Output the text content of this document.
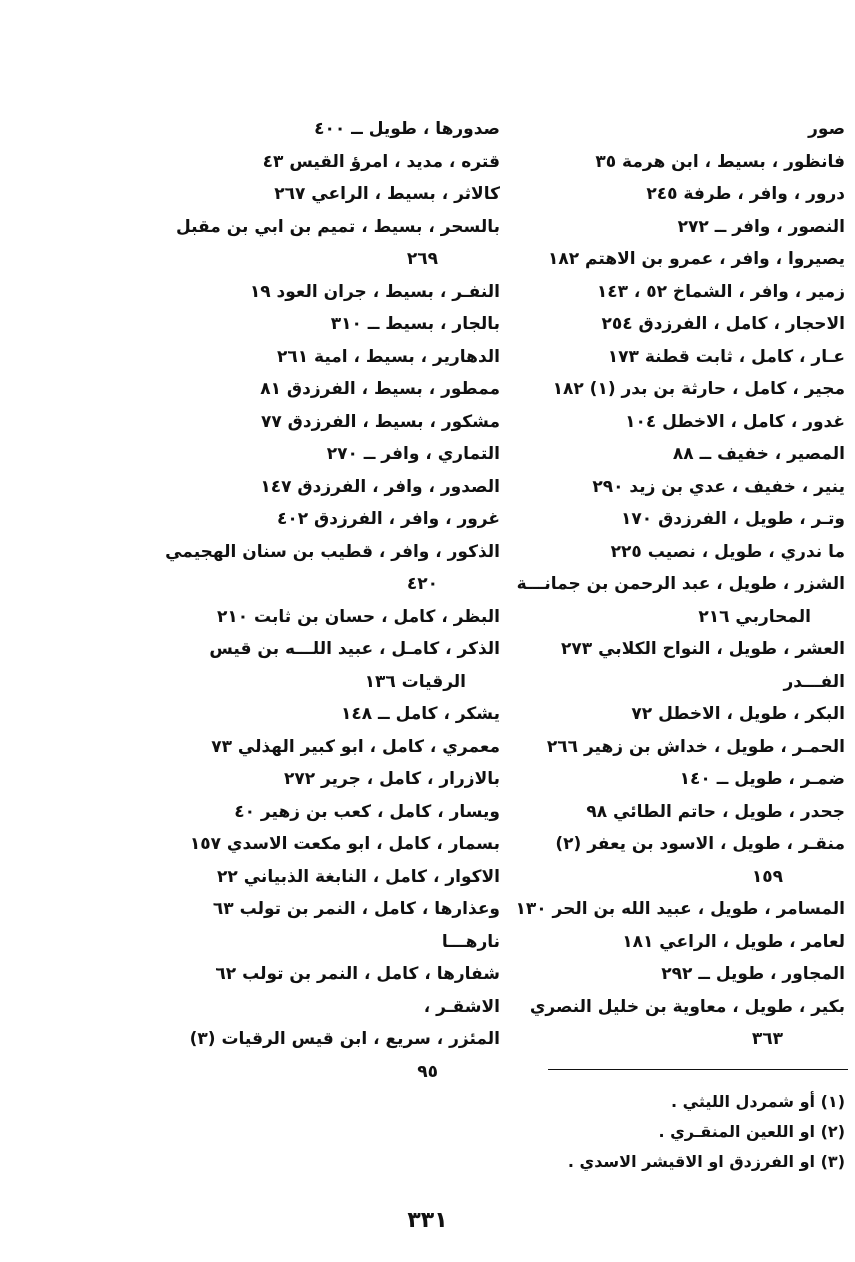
صور
فانظور ، بسيط ، ابن هرمة ٣٥
درور ، وافر ، طرفة ٢٤٥
النصور ، وافر ــ ٢٧٢
يصيروا ، وافر ، عمرو بن الاهتم ١٨٢
زمير ، وافر ، الشماخ ٥٢ ، ١٤٣
الاحجار ، كامل ، الفرزدق ٢٥٤
عـار ، كامل ، ثابت قطنة ١٧٣
مجير ، كامل ، حارثة بن بدر (١) ١٨٢
غدور ، كامل ، الاخطل ١٠٤
المصير ، خفيف ــ ٨٨
ينير ، خفيف ، عدي بن زيد ٢٩٠
وتـر ، طويل ، الفرزدق ١٧٠
ما ندري ، طويل ، نصيب ٢٢٥
الشزر ، طويل ، عبد الرحمن بن جمانـــة
المحاربي ٢١٦
العشر ، طويل ، النواح الكلابي ٢٧٣
الفـــدر
البكر ، طويل ، الاخطل ٧٢
الحمـر ، طويل ، خداش بن زهير ٢٦٦
ضمـر ، طويل ــ ١٤٠
جحدر ، طويل ، حاتم الطائي ٩٨
منقـر ، طويل ، الاسود بن يعفر (٢)
١٥٩
المسامر ، طويل ، عبيد الله بن الحر ١٣٠
لعامر ، طويل ، الراعي ١٨١
المجاور ، طويل ــ ٢٩٢
بكير ، طويل ، معاوية بن خليل النصري
٣٦٣
صدورها ، طويل ــ ٤٠٠
قتره ، مديد ، امرؤ القيس ٤٣
كالاثر ، بسيط ، الراعي ٢٦٧
بالسحر ، بسيط ، تميم بن ابي بن مقبل
٢٦٩
النفـر ، بسيط ، جران العود ١٩
بالجار ، بسيط ــ ٣١٠
الدهارير ، بسيط ، امية ٢٦١
ممطور ، بسيط ، الفرزدق ٨١
مشكور ، بسيط ، الفرزدق ٧٧
التماري ، وافر ــ ٢٧٠
الصدور ، وافر ، الفرزدق ١٤٧
غرور ، وافر ، الفرزدق ٤٠٢
الذكور ، وافر ، قطيب بن سنان الهجيمي
٤٢٠
البظر ، كامل ، حسان بن ثابت ٢١٠
الذكر ، كامـل ، عبيد اللـــه بن قيس
الرقيات ١٣٦
يشكر ، كامل ــ ١٤٨
معمري ، كامل ، ابو كبير الهذلي ٧٣
بالازرار ، كامل ، جرير ٢٧٢
ويسار ، كامل ، كعب بن زهير ٤٠
بسمار ، كامل ، ابو مكعت الاسدي ١٥٧
الاكوار ، كامل ، النابغة الذبياني ٢٢
وعذارها ، كامل ، النمر بن تولب ٦٣
نارهـــا
شفارها ، كامل ، النمر بن تولب ٦٢
الاشقـر ،
المئزر ، سريع ، ابن قيس الرقيات (٣)
٩٥
(١) أو شمردل الليثي .
(٢) او اللعين المنقـري .
(٣) او الفرزدق او الاقيشر الاسدي .
٣٣١
